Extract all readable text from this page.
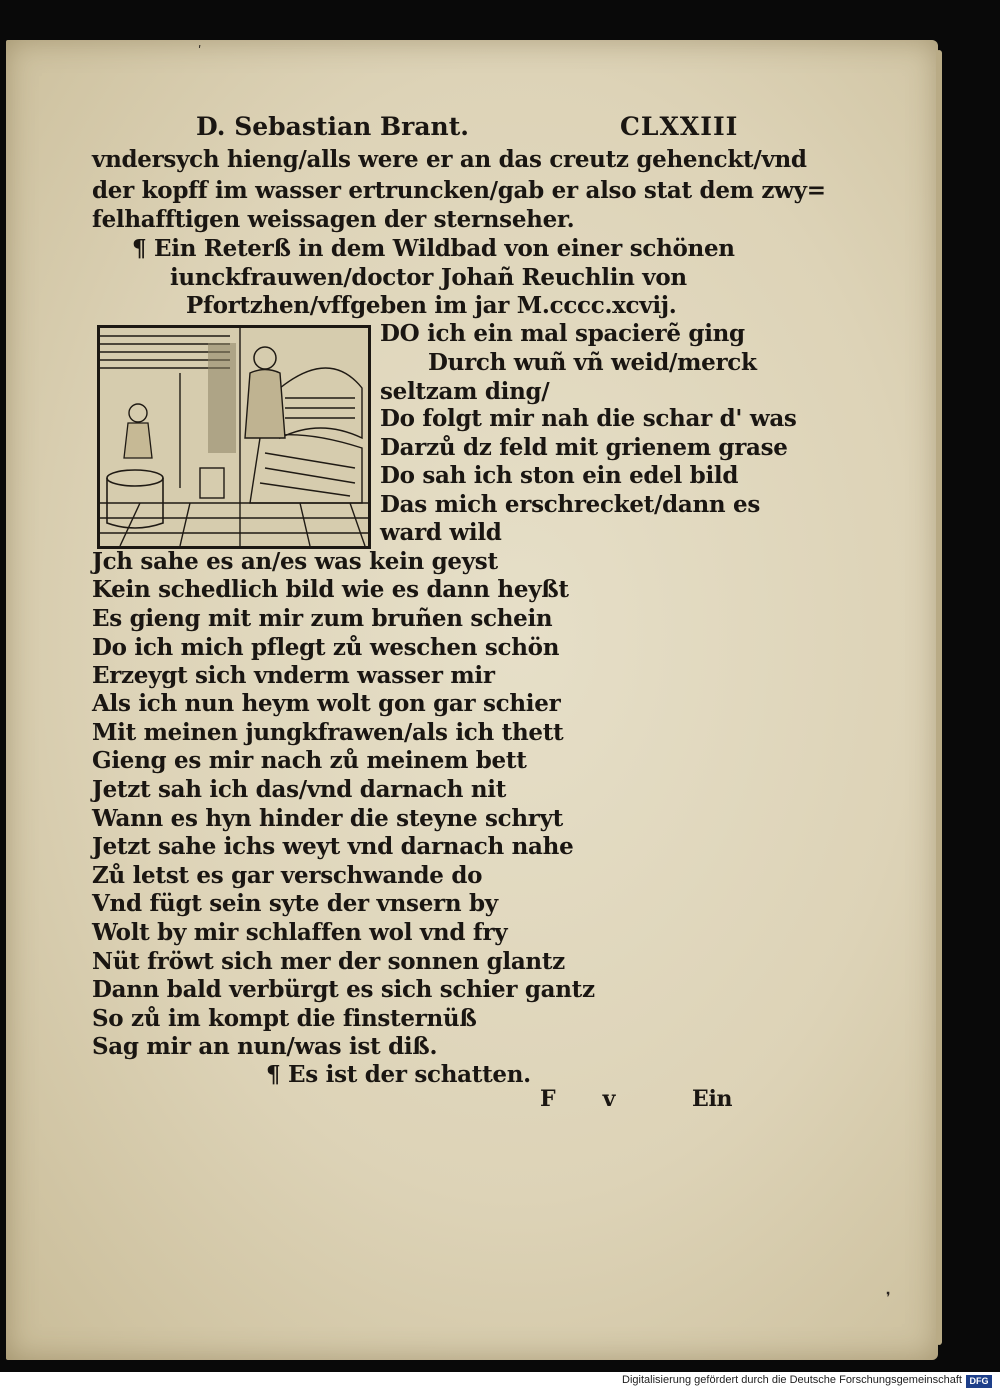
ʹ
D. Sebastian Brant.	CLXXIII
vndersych hieng/alls were er an das creutz gehenckt/vnd
der kopff im wasser ertruncken/gab er also stat dem zwy=
felhafftigen weissagen der sternseher.
¶ Ein Reterß in dem Wildbad von einer schönen
iunckfrauwen/doctor Johañ Reuchlin von
Pfortzhen/vffgeben im jar M.cccc.xcvij.
DO ich ein mal spacierẽ ging
Durch wuñ vñ weid/merck
seltzam ding/
Do folgt mir nah die schar d' was
Darzů dz feld mit grienem grase
Do sah ich ston ein edel bild
Das mich erschrecket/dann es
ward wild
Jch sahe es an/es was kein geyst
Kein schedlich bild wie es dann heyßt
Es gieng mit mir zum bruñen schein
Do ich mich pflegt zů weschen schön
Erzeygt sich vnderm wasser mir
Als ich nun heym wolt gon gar schier
Mit meinen jungkfrawen/als ich thett
Gieng es mir nach zů meinem bett
Jetzt sah ich das/vnd darnach nit
Wann es hyn hinder die steyne schryt
Jetzt sahe ichs weyt vnd darnach nahe
Zů letst es gar verschwande do
Vnd fügt sein syte der vnsern by
Wolt by mir schlaffen wol vnd fry
Nüt fröwt sich mer der sonnen glantz
Dann bald verbürgt es sich schier gantz
So zů im kompt die finsternüß
Sag mir an nun/was ist diß.
¶ Es ist der schatten.
F v	Ein
❜
Digitalisierung gefördert durch die Deutsche Forschungsgemeinschaft DFG
